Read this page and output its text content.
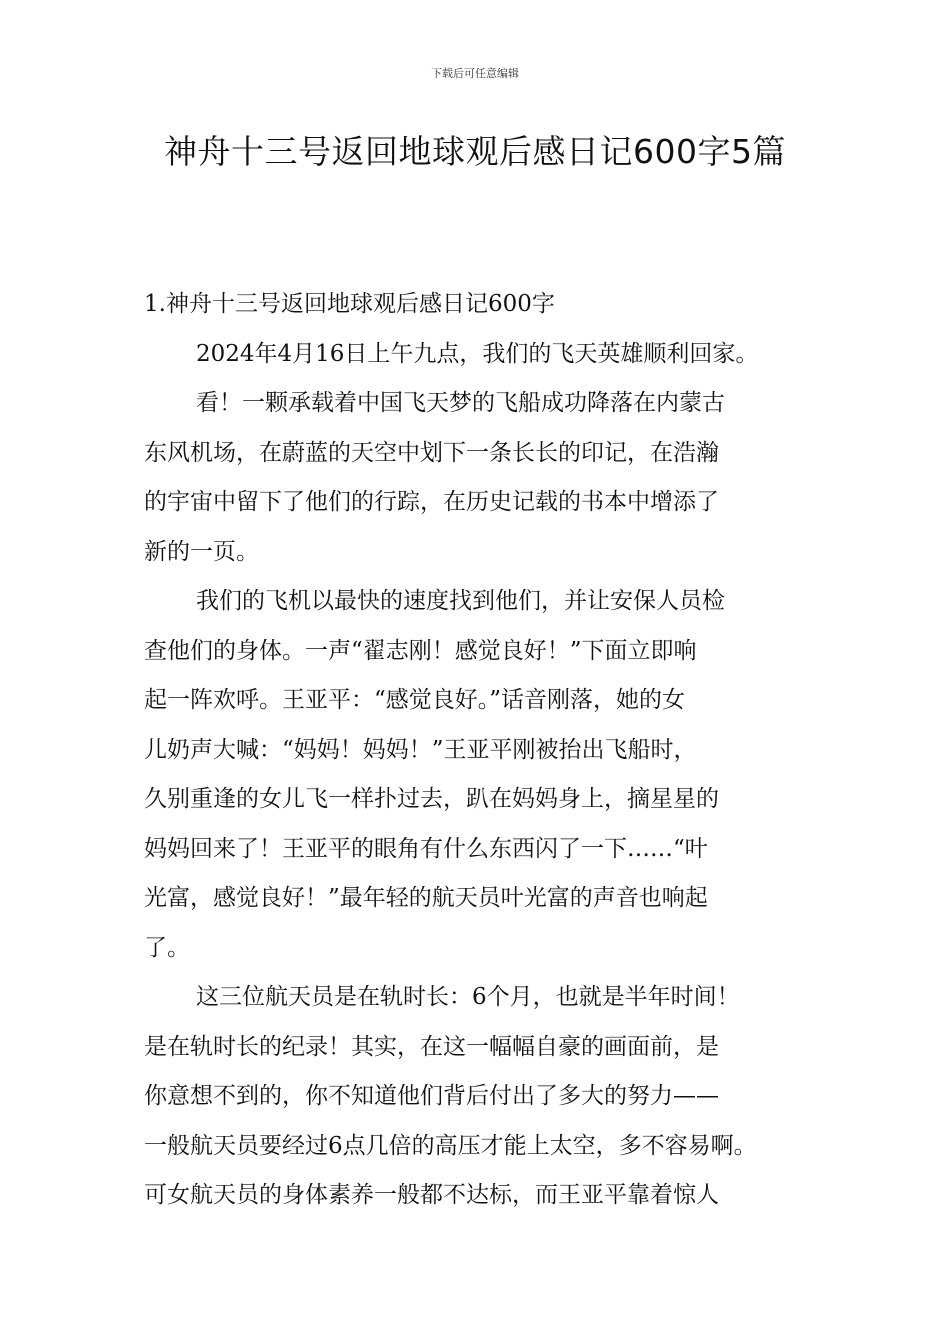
下载后可任意编辑
神舟十三号返回地球观后感日记600字5篇
1.神舟十三号返回地球观后感日记600字
2024年4月16日上午九点，我们的飞天英雄顺利回家。
看！一颗承载着中国飞天梦的飞船成功降落在内蒙古
东风机场，在蔚蓝的天空中划下一条长长的印记，在浩瀚
的宇宙中留下了他们的行踪，在历史记载的书本中增添了
新的一页。
我们的飞机以最快的速度找到他们，并让安保人员检
查他们的身体。一声“翟志刚！感觉良好！”下面立即响
起一阵欢呼。王亚平：“感觉良好。”话音刚落，她的女
儿奶声大喊：“妈妈！妈妈！”王亚平刚被抬出飞船时，
久别重逢的女儿飞一样扑过去，趴在妈妈身上，摘星星的
妈妈回来了！王亚平的眼角有什么东西闪了一下……“叶
光富，感觉良好！”最年轻的航天员叶光富的声音也响起
了。
这三位航天员是在轨时长：6个月，也就是半年时间！
是在轨时长的纪录！其实，在这一幅幅自豪的画面前，是
你意想不到的，你不知道他们背后付出了多大的努力——
一般航天员要经过6点几倍的高压才能上太空，多不容易啊。
可女航天员的身体素养一般都不达标，而王亚平靠着惊人
